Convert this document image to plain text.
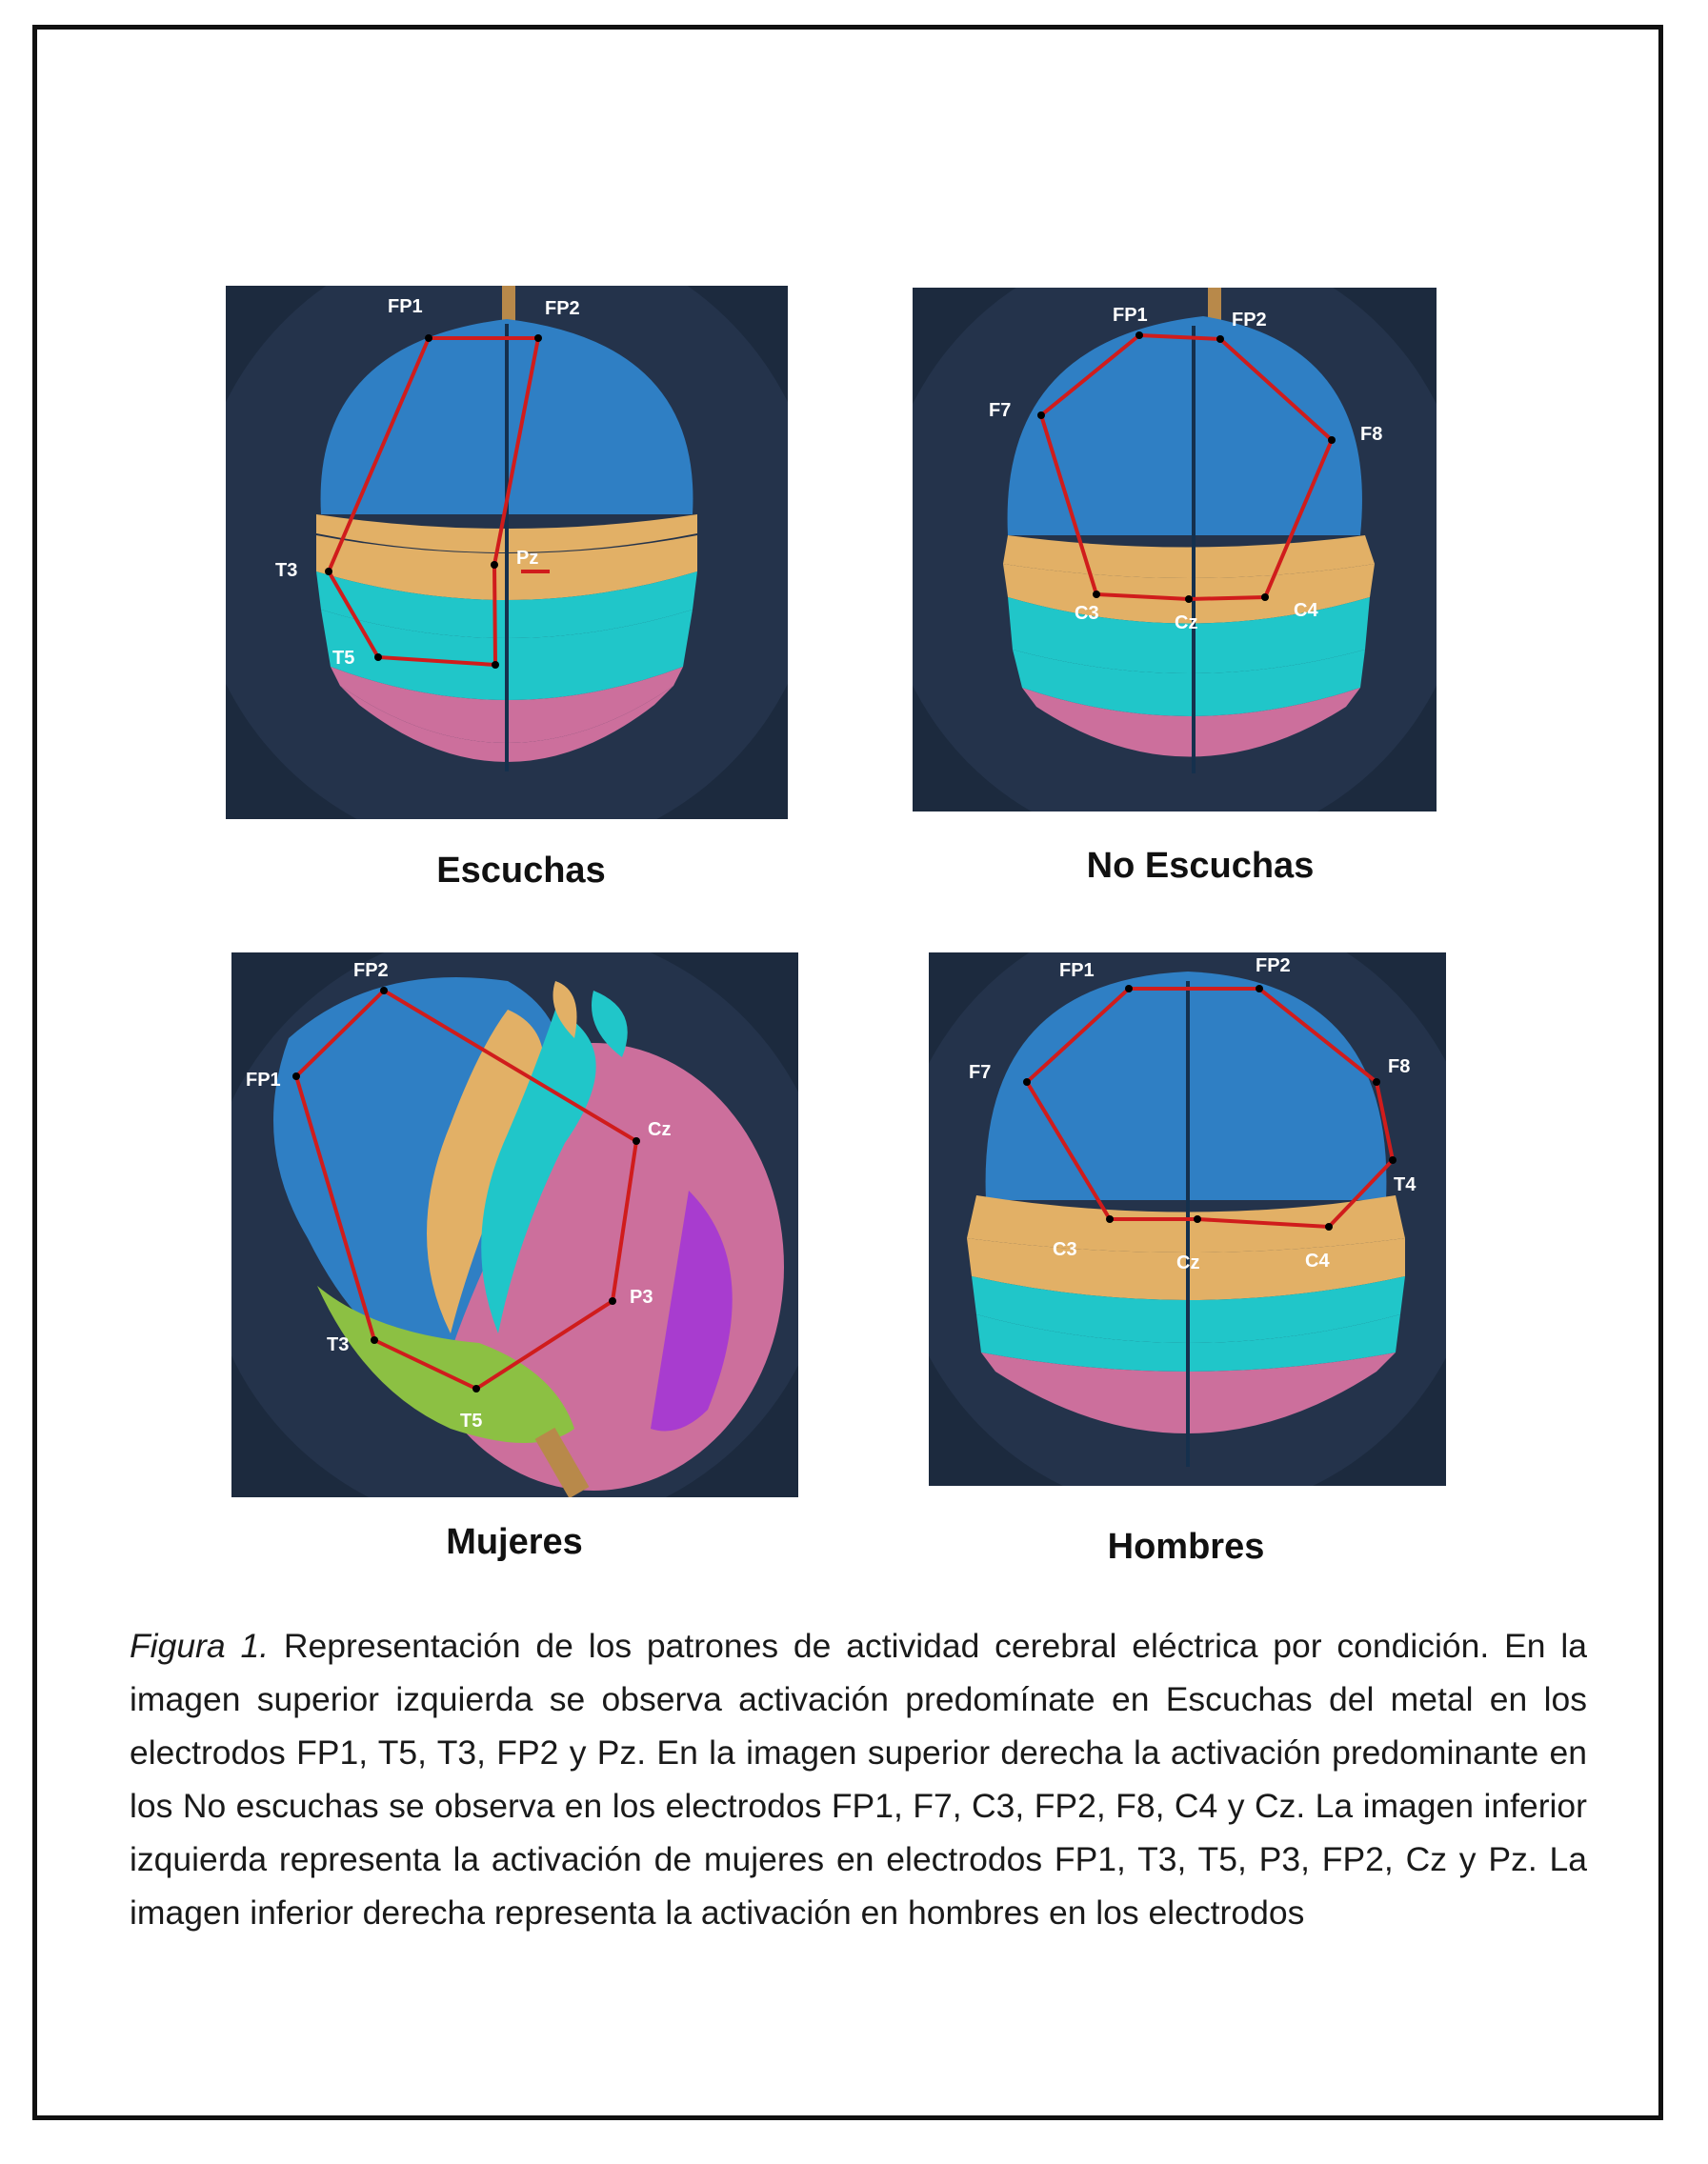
FP1	FP2
T3
Pz
T5
Escuchas
FP1	FP2
F7
F8
C3	Cz
C4
No Escuchas
FP2
FP1
Cz
P3
T3
T5
Mujeres
FP1	FP2
F7	F8
T4
C3
Cz	C4
Hombres

Figura 1. Representación de los patrones de actividad cerebral eléctrica por condición. En la imagen superior izquierda se observa activación predomínate en Escuchas del metal en los electrodos FP1, T5, T3, FP2 y Pz. En la imagen superior derecha la activación predominante en los No escuchas se observa en los electrodos FP1, F7, C3, FP2, F8, C4 y Cz. La imagen inferior izquierda representa la activación de mujeres en electrodos FP1, T3, T5, P3, FP2, Cz y Pz. La imagen inferior derecha representa la activación en hombres en los electrodos
